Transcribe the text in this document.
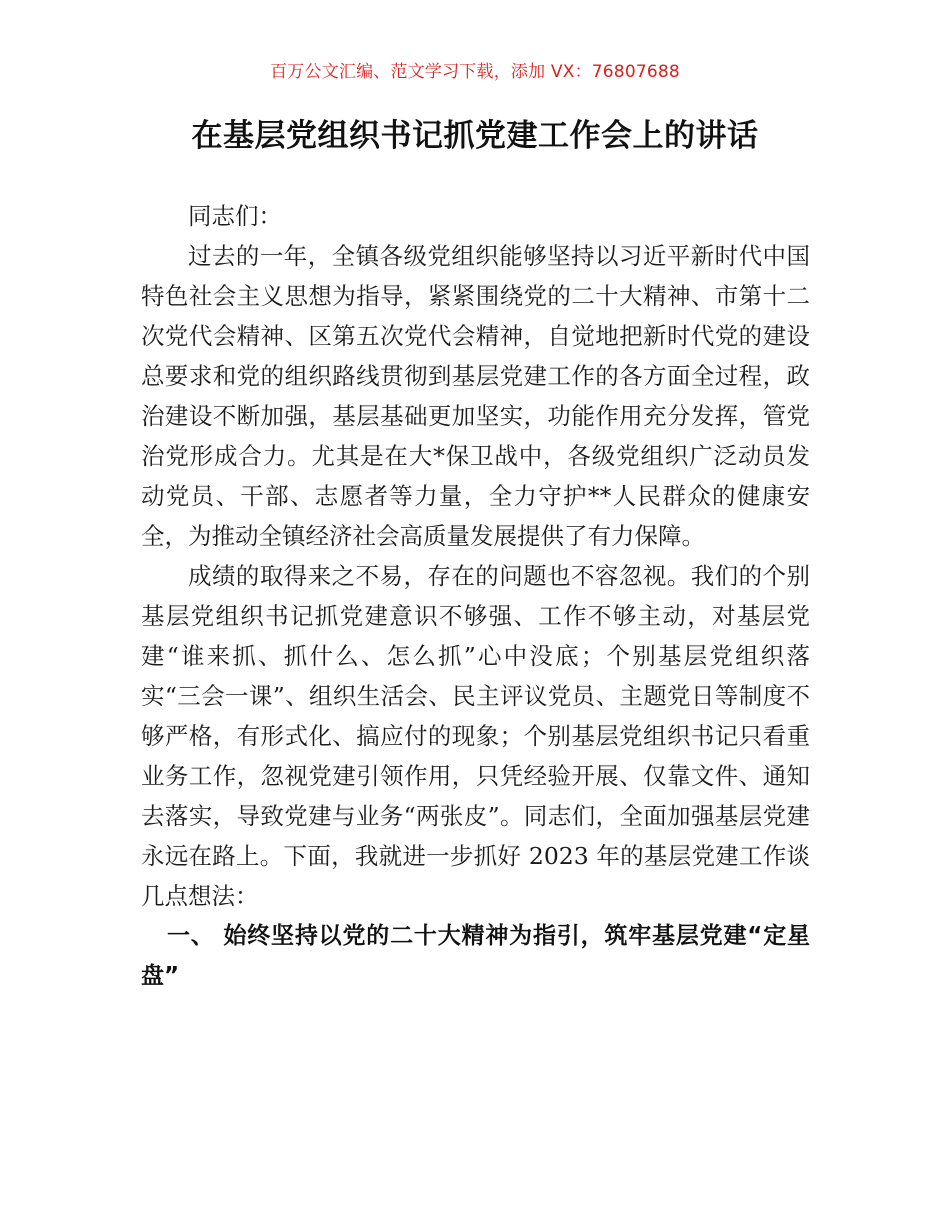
百万公文汇编、范文学习下载，添加 VX：76807688
在基层党组织书记抓党建工作会上的讲话

同志们：

过去的一年，全镇各级党组织能够坚持以习近平新时代中国特色社会主义思想为指导，紧紧围绕党的二十大精神、市第十二次党代会精神、区第五次党代会精神，自觉地把新时代党的建设总要求和党的组织路线贯彻到基层党建工作的各方面全过程，政治建设不断加强，基层基础更加坚实，功能作用充分发挥，管党治党形成合力。尤其是在大*保卫战中，各级党组织广泛动员发动党员、干部、志愿者等力量，全力守护**人民群众的健康安全，为推动全镇经济社会高质量发展提供了有力保障。

成绩的取得来之不易，存在的问题也不容忽视。我们的个别基层党组织书记抓党建意识不够强、工作不够主动，对基层党建“谁来抓、抓什么、怎么抓”心中没底；个别基层党组织落实“三会一课”、组织生活会、民主评议党员、主题党日等制度不够严格，有形式化、搞应付的现象；个别基层党组织书记只看重业务工作，忽视党建引领作用，只凭经验开展、仅靠文件、通知去落实，导致党建与业务“两张皮”。同志们，全面加强基层党建永远在路上。下面，我就进一步抓好 2023 年的基层党建工作谈几点想法：

一、 始终坚持以党的二十大精神为指引，筑牢基层党建“定星盘”
